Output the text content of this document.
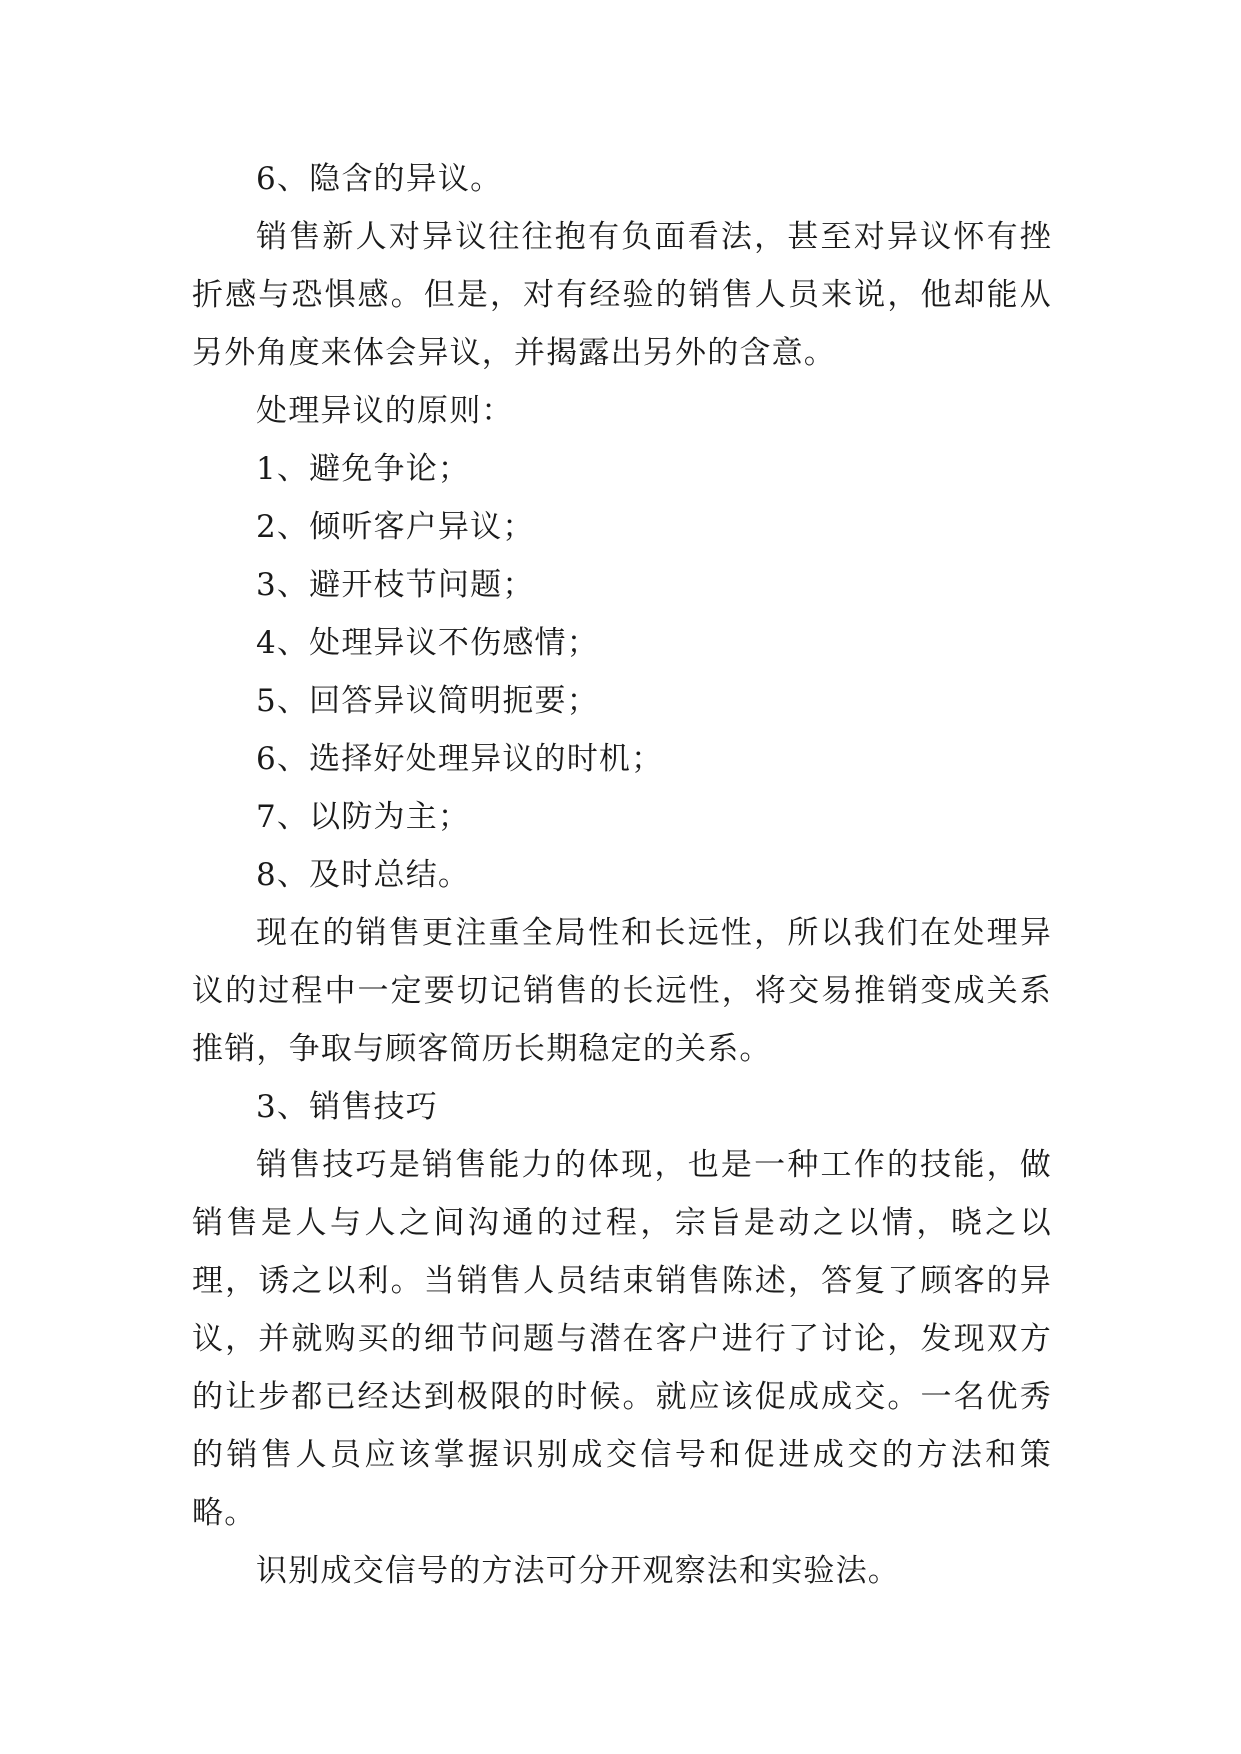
6、隐含的异议。

销售新人对异议往往抱有负面看法，甚至对异议怀有挫折感与恐惧感。但是，对有经验的销售人员来说，他却能从另外角度来体会异议，并揭露出另外的含意。

处理异议的原则：

1、避免争论；

2、倾听客户异议；

3、避开枝节问题；

4、处理异议不伤感情；

5、回答异议简明扼要；

6、选择好处理异议的时机；

7、以防为主；

8、及时总结。

现在的销售更注重全局性和长远性，所以我们在处理异议的过程中一定要切记销售的长远性，将交易推销变成关系推销，争取与顾客简历长期稳定的关系。

3、销售技巧

销售技巧是销售能力的体现，也是一种工作的技能，做销售是人与人之间沟通的过程，宗旨是动之以情，晓之以理，诱之以利。当销售人员结束销售陈述，答复了顾客的异议，并就购买的细节问题与潜在客户进行了讨论，发现双方的让步都已经达到极限的时候。就应该促成成交。一名优秀的销售人员应该掌握识别成交信号和促进成交的方法和策略。

识别成交信号的方法可分开观察法和实验法。
